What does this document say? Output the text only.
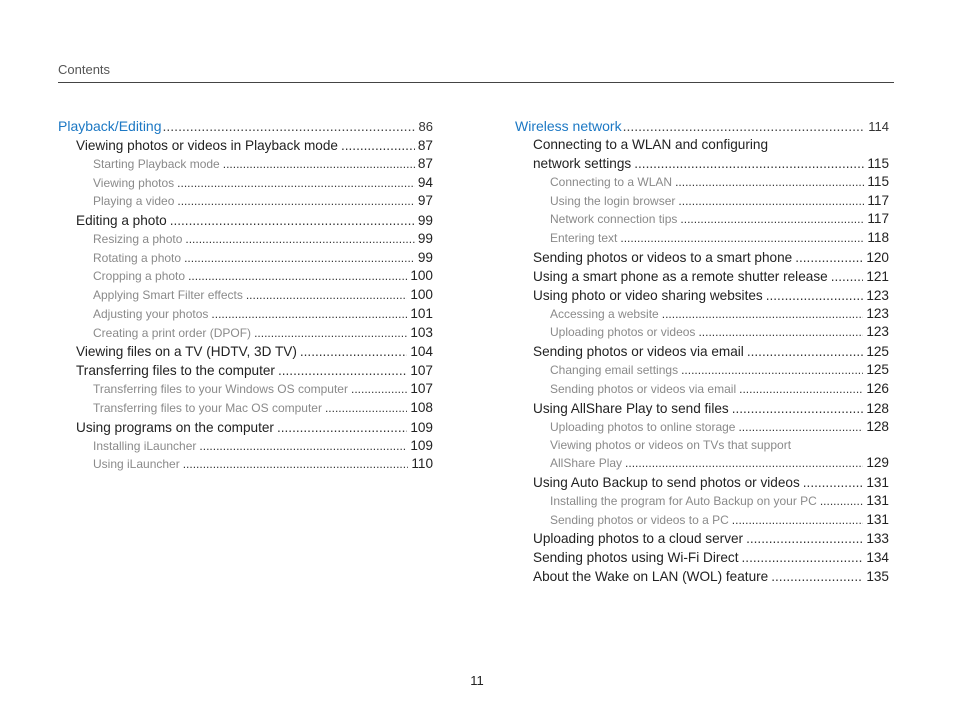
Contents
Playback/Editing .....	86
Viewing photos or videos in Playback mode .....	87
Starting Playback mode .....	87
Viewing photos .....	94
Playing a video .....	97
Editing a photo .....	99
Resizing a photo .....	99
Rotating a photo .....	99
Cropping a photo .....	100
Applying Smart Filter effects .....	100
Adjusting your photos .....	101
Creating a print order (DPOF) .....	103
Viewing files on a TV (HDTV, 3D TV) .....	104
Transferring files to the computer .....	107
Transferring files to your Windows OS computer .....	107
Transferring files to your Mac OS computer .....	108
Using programs on the computer .....	109
Installing iLauncher .....	109
Using iLauncher .....	110
Wireless network .....	114
Connecting to a WLAN and configuring
network settings .....	115
Connecting to a WLAN .....	115
Using the login browser .....	117
Network connection tips .....	117
Entering text .....	118
Sending photos or videos to a smart phone .....	120
Using a smart phone as a remote shutter release .....	121
Using photo or video sharing websites .....	123
Accessing a website .....	123
Uploading photos or videos .....	123
Sending photos or videos via email .....	125
Changing email settings .....	125
Sending photos or videos via email .....	126
Using AllShare Play to send files .....	128
Uploading photos to online storage .....	128
Viewing photos or videos on TVs that support
AllShare Play .....	129
Using Auto Backup to send photos or videos .....	131
Installing the program for Auto Backup on your PC .....	131
Sending photos or videos to a PC .....	131
Uploading photos to a cloud server .....	133
Sending photos using Wi-Fi Direct .....	134
About the Wake on LAN (WOL) feature .....	135
11
